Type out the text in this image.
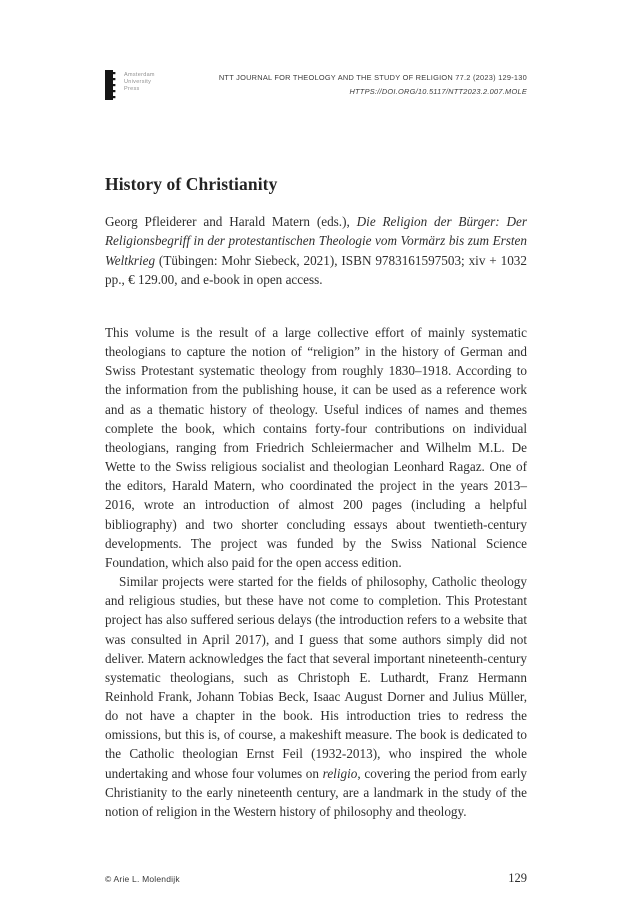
Amsterdam
University
Press
NTT JOURNAL FOR THEOLOGY AND THE STUDY OF RELIGION 77.2 (2023) 129-130
HTTPS://DOI.ORG/10.5117/NTT2023.2.007.MOLE
History of Christianity
Georg Pfleiderer and Harald Matern (eds.), Die Religion der Bürger: Der Religionsbegriff in der protestantischen Theologie vom Vormärz bis zum Ersten Weltkrieg (Tübingen: Mohr Siebeck, 2021), ISBN 9783161597503; xiv + 1032 pp., € 129.00, and e-book in open access.

This volume is the result of a large collective effort of mainly systematic theologians to capture the notion of “religion” in the history of German and Swiss Protestant systematic theology from roughly 1830–1918. According to the information from the publishing house, it can be used as a reference work and as a thematic history of theology. Useful indices of names and themes complete the book, which contains forty-four contributions on individual theologians, ranging from Friedrich Schleiermacher and Wilhelm M.L. De Wette to the Swiss religious socialist and theologian Leonhard Ragaz. One of the editors, Harald Matern, who coordinated the project in the years 2013–2016, wrote an introduction of almost 200 pages (including a helpful bibliography) and two shorter concluding essays about twentieth-century developments. The project was funded by the Swiss National Science Foundation, which also paid for the open access edition.

Similar projects were started for the fields of philosophy, Catholic theology and religious studies, but these have not come to completion. This Protestant project has also suffered serious delays (the introduction refers to a website that was consulted in April 2017), and I guess that some authors simply did not deliver. Matern acknowledges the fact that several important nineteenth-century systematic theologians, such as Christoph E. Luthardt, Franz Hermann Reinhold Frank, Johann Tobias Beck, Isaac August Dorner and Julius Müller, do not have a chapter in the book. His introduction tries to redress the omissions, but this is, of course, a makeshift measure. The book is dedicated to the Catholic theologian Ernst Feil (1932-2013), who inspired the whole undertaking and whose four volumes on religio, covering the period from early Christianity to the early nineteenth century, are a landmark in the study of the notion of religion in the Western history of philosophy and theology.

© Arie L. Molendijk	129
